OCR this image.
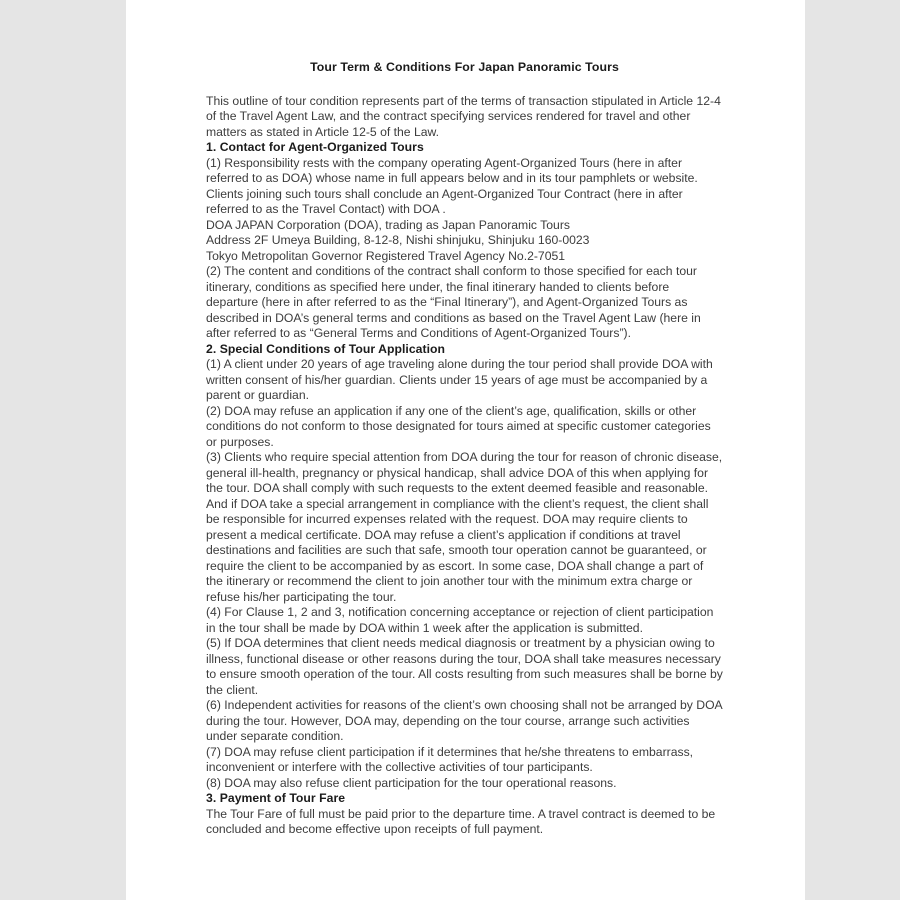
Tour Term & Conditions For Japan Panoramic Tours
This outline of tour condition represents part of the terms of transaction stipulated in Article 12-4 of the Travel Agent Law, and the contract specifying services rendered for travel and other matters as stated in Article 12-5 of the Law.
1. Contact for Agent-Organized Tours
(1) Responsibility rests with the company operating Agent-Organized Tours (here in after referred to as DOA) whose name in full appears below and in its tour pamphlets or website. Clients joining such tours shall conclude an Agent-Organized Tour Contract (here in after referred to as the Travel Contact) with DOA .
DOA JAPAN Corporation (DOA), trading as Japan Panoramic Tours
Address 2F Umeya Building, 8-12-8, Nishi shinjuku, Shinjuku 160-0023
Tokyo Metropolitan Governor Registered Travel Agency No.2-7051
(2) The content and conditions of the contract shall conform to those specified for each tour itinerary, conditions as specified here under, the final itinerary handed to clients before departure (here in after referred to as the “Final Itinerary”), and Agent-Organized Tours as described in DOA’s general terms and conditions as based on the Travel Agent Law (here in after referred to as “General Terms and Conditions of Agent-Organized Tours”).
2. Special Conditions of Tour Application
(1) A client under 20 years of age traveling alone during the tour period shall provide DOA with written consent of his/her guardian. Clients under 15 years of age must be accompanied by a parent or guardian.
(2) DOA may refuse an application if any one of the client’s age, qualification, skills or other conditions do not conform to those designated for tours aimed at specific customer categories or purposes.
(3) Clients who require special attention from DOA during the tour for reason of chronic disease, general ill-health, pregnancy or physical handicap, shall advice DOA of this when applying for the tour. DOA shall comply with such requests to the extent deemed feasible and reasonable. And if DOA take a special arrangement in compliance with the client’s request, the client shall be responsible for incurred expenses related with the request. DOA may require clients to present a medical certificate. DOA may refuse a client’s application if conditions at travel destinations and facilities are such that safe, smooth tour operation cannot be guaranteed, or require the client to be accompanied by as escort. In some case, DOA shall change a part of the itinerary or recommend the client to join another tour with the minimum extra charge or refuse his/her participating the tour.
(4) For Clause 1, 2 and 3, notification concerning acceptance or rejection of client participation in the tour shall be made by DOA within 1 week after the application is submitted.
(5) If DOA determines that client needs medical diagnosis or treatment by a physician owing to illness, functional disease or other reasons during the tour, DOA shall take measures necessary to ensure smooth operation of the tour. All costs resulting from such measures shall be borne by the client.
(6) Independent activities for reasons of the client’s own choosing shall not be arranged by DOA during the tour. However, DOA may, depending on the tour course, arrange such activities under separate condition.
(7) DOA may refuse client participation if it determines that he/she threatens to embarrass, inconvenient or interfere with the collective activities of tour participants.
(8) DOA may also refuse client participation for the tour operational reasons.
3. Payment of Tour Fare
The Tour Fare of full must be paid prior to the departure time. A travel contract is deemed to be concluded and become effective upon receipts of full payment.
